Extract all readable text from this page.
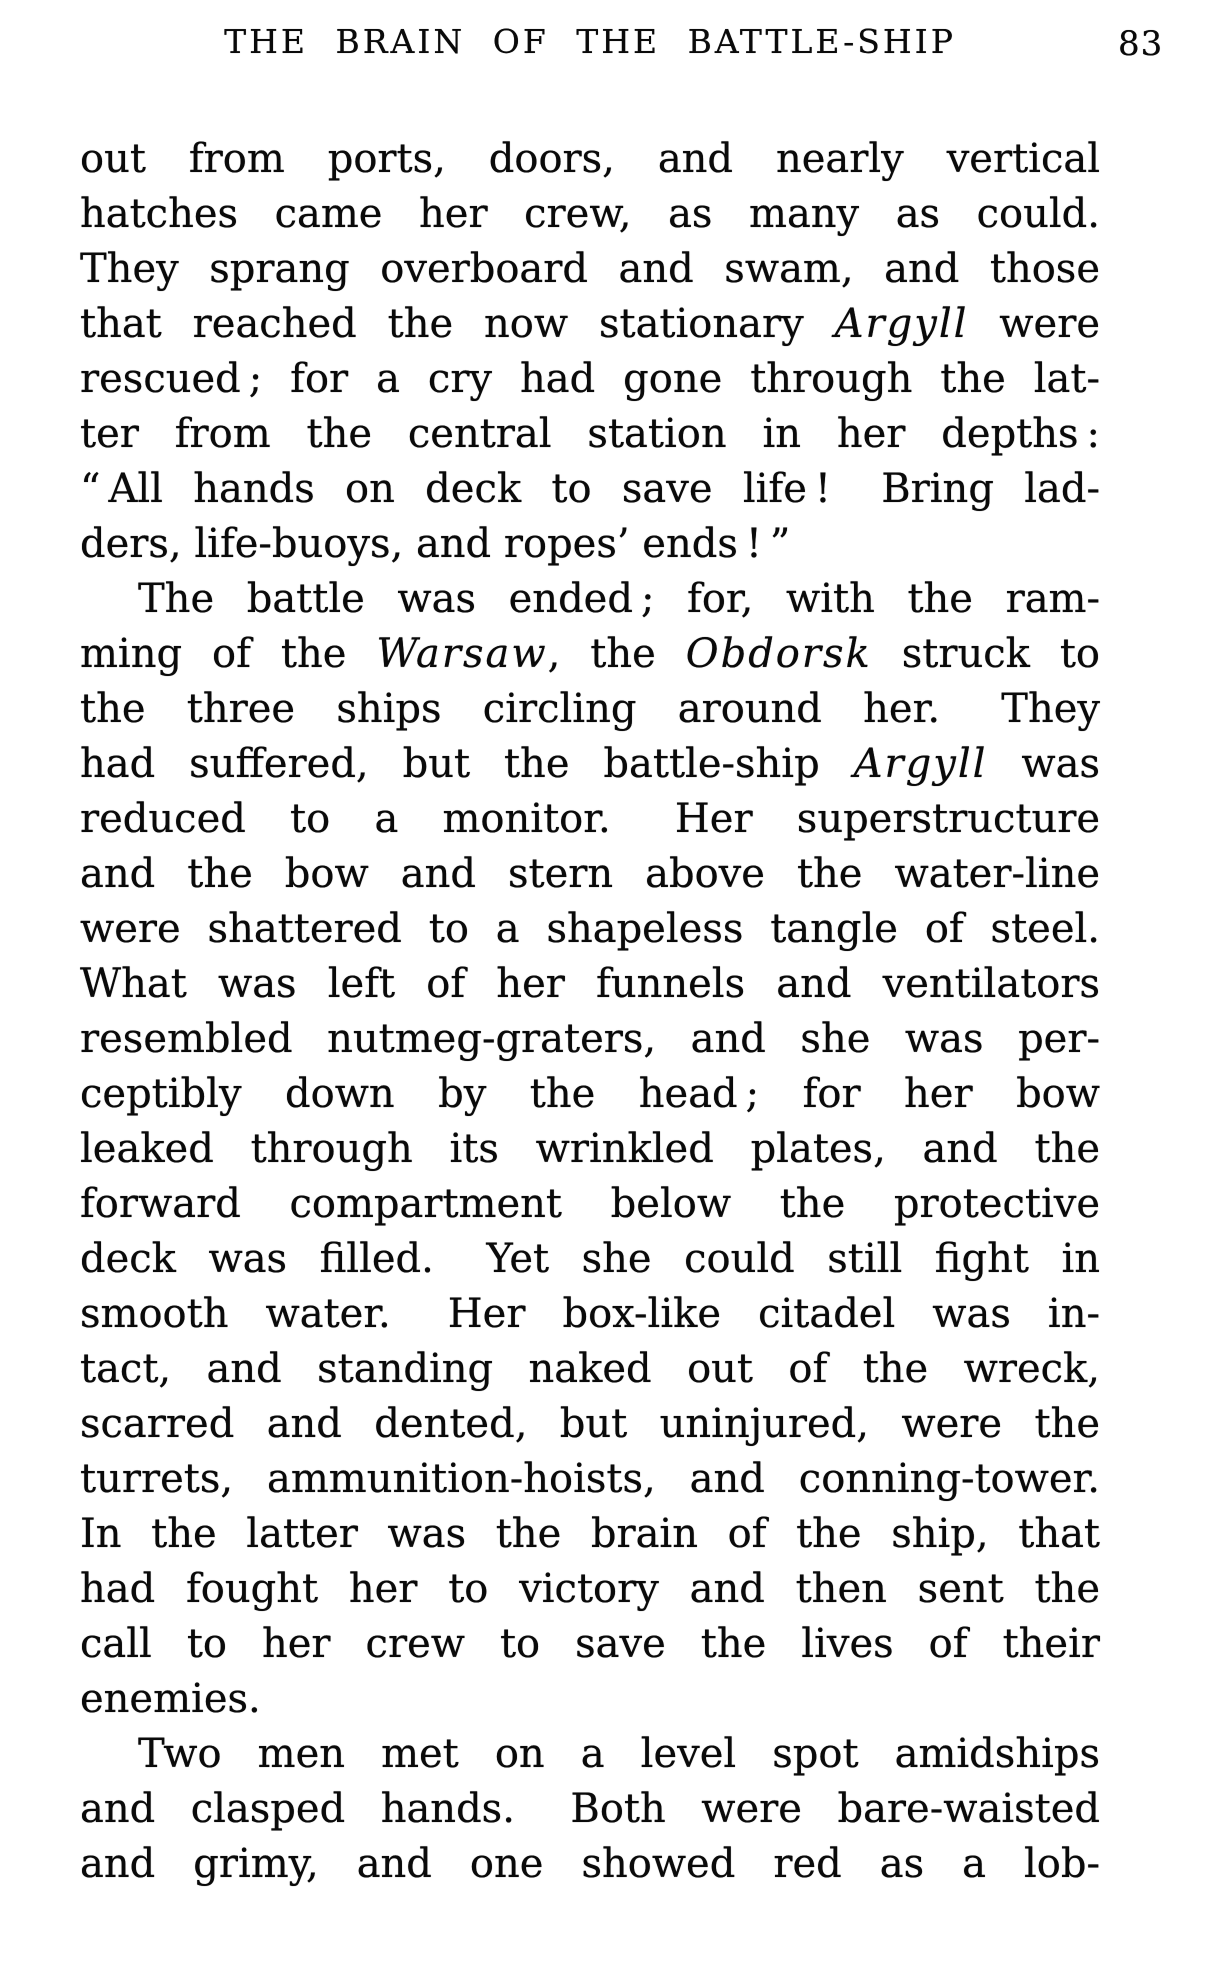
THE BRAIN OF THE BATTLE-SHIP	83
out from ports, doors, and nearly vertical
hatches came her crew, as many as could.
They sprang overboard and swam, and those
that reached the now stationary Argyll were
rescued ; for a cry had gone through the lat-
ter from the central station in her depths :
“ All hands on deck to save life !  Bring lad-
ders, life-buoys, and ropes’ ends ! ”
The battle was ended ; for, with the ram-
ming of the Warsaw, the Obdorsk struck to
the three ships circling around her.  They
had suffered, but the battle-ship Argyll was
reduced to a monitor.  Her superstructure
and the bow and stern above the water-line
were shattered to a shapeless tangle of steel.
What was left of her funnels and ventilators
resembled nutmeg-graters, and she was per-
ceptibly down by the head ; for her bow
leaked through its wrinkled plates, and the
forward compartment below the protective
deck was filled.  Yet she could still fight in
smooth water.  Her box-like citadel was in-
tact, and standing naked out of the wreck,
scarred and dented, but uninjured, were the
turrets, ammunition-hoists, and conning-tower.
In the latter was the brain of the ship, that
had fought her to victory and then sent the
call to her crew to save the lives of their
enemies.
Two men met on a level spot amidships
and clasped hands.  Both were bare-waisted
and grimy, and one showed red as a lob-
